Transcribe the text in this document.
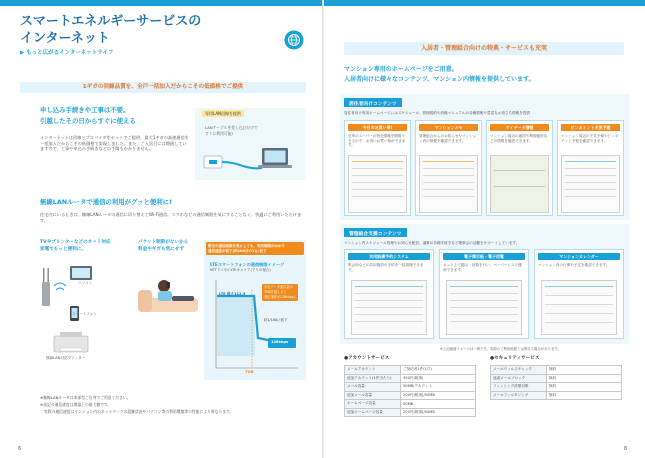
スマートエネルギーサービスの
インターネット
▶ もっと広がるインターネットライフ
1ギガの回線品質を、全戸一括加入だからこその低価格でご提供
申し込み手続きや工事は不要。
引越したその日からすぐに使える
インターネットは回線とプロバイダをセットでご提供。最大1ギガの高速通信を一括加入だからこその低価格で実現しました。また、ご入居日には開通していますので、工事や申込み手続きなどの手間もかかりません。
専用LAN回線を提供
LANケーブルを差し込むだけで
すぐに利用可能!
無線LANルータで通信の利用がグッと便利に!
住宅内にいるときは、無線LANルータの通信に切り替えてWi-Fi通信。スマホなどの通信制限を気にすることなく、快適にご利用いただけます。
TVやプリンターなどのネット対応
家電でもっと便利に。
パソコン
スマートフォン
無線LAN対応プリンター
パケット制限がないから
料金やギガも気にせず
限定の通信制限を気にしても、利用制限がかかり
通信速度が低下(約100分の1)に低下
LTEスマートフォンの通信制限イメージ
NTTドコモのLTEキャリア(下りの場合)
LTE 最大112.5
自宅データ通信量が
7GBを超えると
通信速度が128kbpsに
約1/100に低下
128kbps
7GB
※無線LANルータは本部型ご自身でご用意ください。
※表記の通信速度は理論上の最大値です。
実際の通信速度はマンション内のネットワークの混雑状況やパソコン等の利用環境等の性能により異なります。
6
入居者・管理組合向けの特典・サービスも充実
マンション専用のホームページをご用意。
入居者向けに様々なコンテンツ、マンション内情報を提供しています。
居住者向けコンテンツ
居住者向け専用ホームページにはスケジュール、管理規約や設備マニュアルの各種情報や豊富なお役立ち情報を提供
今日のお買い得!
近所のスーパーの特売情報を閲覧できるので、お得にお買い物ができます。
マンションメモ
管理組合からのお知らせやマンション内の情報を確認できます。
マイデータ情報
マンション周辺の地図や利便施設などの情報を確認できます。
ピンポイント天気予報
マンション周辺の天気予報やピンポイント予報を確認できます。
管理組合支援コンテンツ
マンション内スケジュール管理やお知らせ配信、議事の各種手続きなど理事会の活動をサポートしています。
共用設備予約システム
集会所などの共用施設の予約を一括管理できます。
電子掲示板・電子回覧
ネット上で掲示・回覧を行い、ペーパーレスで運用できます。
マンションカレンダー
マンション内の行事や予定を確認できます。
※上記画面イメージは一例です。実際のご利用画面とは異なる場合があります。
●アカウントサービス
メールアカウント	ご契約者1件(1戸)
追加アカウント(1件当たり)	350円(税別)
メール容量	50MB/アカウント
追加メール容量	200円(税別)/50MB
ホームページ容量	50MB
追加ホームページ容量	200円(税別)/50MB
●セキュリティサービス
メールウィルスチェック	無料
迷惑メールブロック	無料
フィッシング詐欺対策	無料
メールフィルタリング	無料
8
